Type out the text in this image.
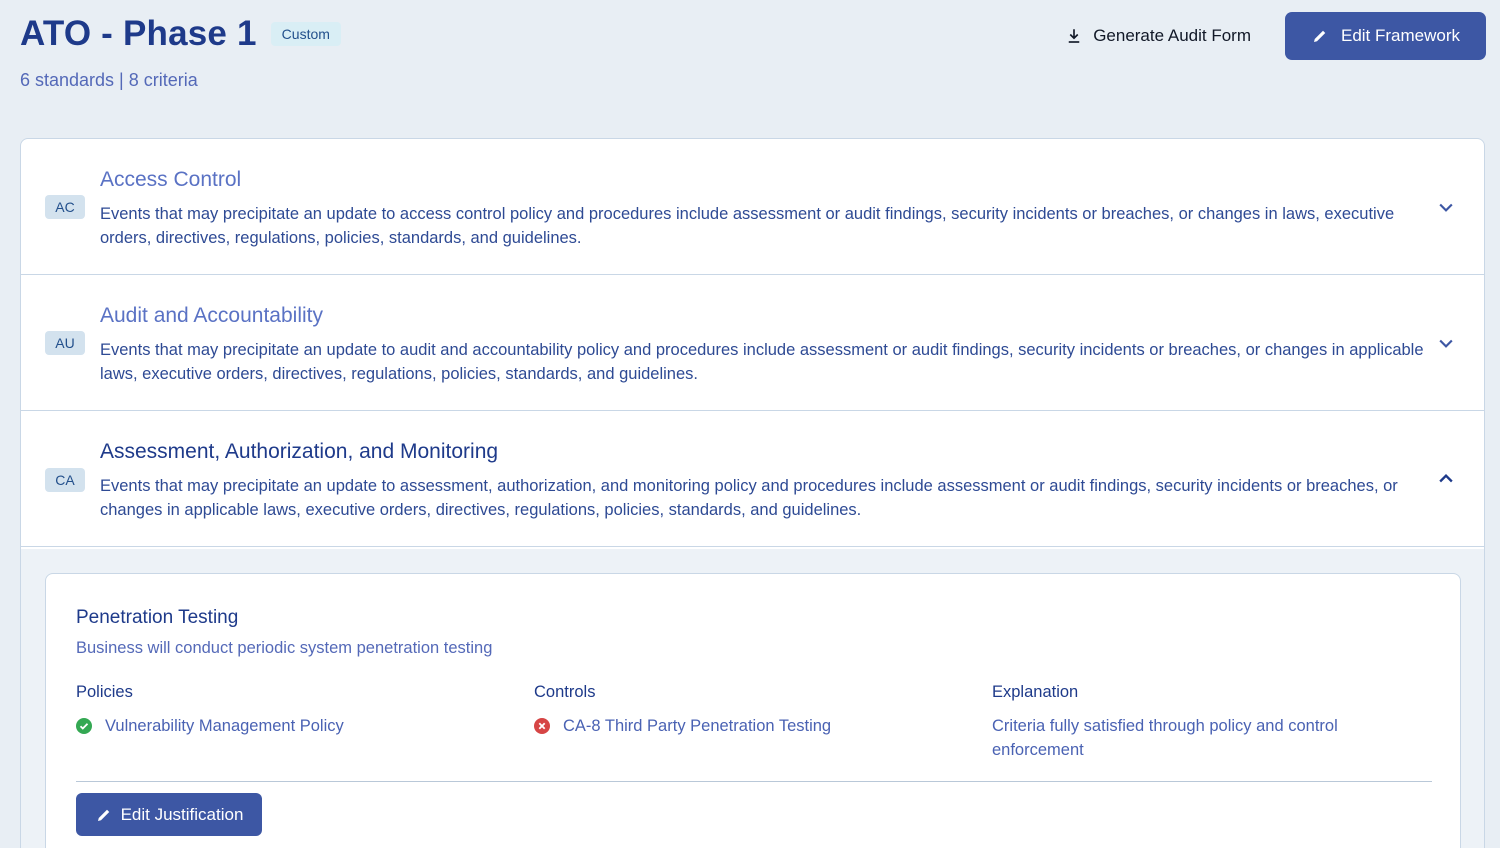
ATO - Phase 1	Custom
6 standards | 8 criteria
Generate Audit Form	Edit Framework
AC
Access Control
Events that may precipitate an update to access control policy and procedures include assessment or audit findings, security incidents or breaches, or changes in laws, executive orders, directives, regulations, policies, standards, and guidelines.
AU
Audit and Accountability
Events that may precipitate an update to audit and accountability policy and procedures include assessment or audit findings, security incidents or breaches, or changes in applicable laws, executive orders, directives, regulations, policies, standards, and guidelines.
CA
Assessment, Authorization, and Monitoring
Events that may precipitate an update to assessment, authorization, and monitoring policy and procedures include assessment or audit findings, security incidents or breaches, or changes in applicable laws, executive orders, directives, regulations, policies, standards, and guidelines.
Penetration Testing
Business will conduct periodic system penetration testing
Policies
Vulnerability Management Policy
Controls
CA-8 Third Party Penetration Testing
Explanation
Criteria fully satisfied through policy and control enforcement
Edit Justification
